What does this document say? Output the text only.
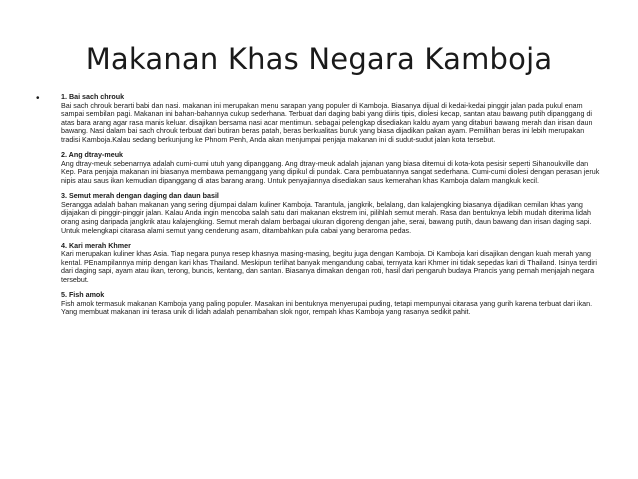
Makanan Khas Negara Kamboja
•	1. Bai sach chrouk
Bai sach chrouk berarti babi dan nasi. makanan ini merupakan menu sarapan yang populer di Kamboja. Biasanya dijual di kedai-kedai pinggir jalan pada pukul enam sampai sembilan pagi. Makanan ini bahan-bahannya cukup sederhana. Terbuat dari daging babi yang diiris tipis, diolesi kecap, santan atau bawang putih dipanggang di atas bara arang agar rasa manis keluar. disajikan bersama nasi acar mentimun. sebagai pelengkap disediakan kaldu ayam yang ditaburi bawang merah dan irisan daun bawang. Nasi dalam bai sach chrouk terbuat dari butiran beras patah, beras berkualitas buruk yang biasa dijadikan pakan ayam. Pemilihan beras ini lebih merupakan tradisi Kamboja.Kalau sedang berkunjung ke Phnom Penh, Anda akan menjumpai penjaja makanan ini di sudut-sudut jalan kota tersebut.
2. Ang dtray-meuk
Ang dtray-meuk sebenarnya adalah cumi-cumi utuh yang dipanggang. Ang dtray-meuk adalah jajanan yang biasa ditemui di kota-kota pesisir seperti Sihanoukville dan Kep. Para penjaja makanan ini biasanya membawa pemanggang yang dipikul di pundak. Cara pembuatannya sangat sederhana. Cumi-cumi diolesi dengan perasan jeruk nipis atau saus ikan kemudian dipanggang di atas barang arang. Untuk penyajiannya disediakan saus kemerahan khas Kamboja dalam mangkuk kecil.
3. Semut merah dengan daging dan daun basil
Serangga adalah bahan makanan yang sering dijumpai dalam kuliner Kamboja. Tarantula, jangkrik, belalang, dan kalajengking biasanya dijadikan cemilan khas yang dijajakan di pinggir-pinggir jalan. Kalau Anda ingin mencoba salah satu dari makanan ekstrem ini, pilihlah semut merah. Rasa dan bentuknya lebih mudah diterima lidah orang asing daripada jangkrik atau kalajengking. Semut merah dalam berbagai ukuran digoreng dengan jahe, serai, bawang putih, daun bawang dan irisan daging sapi. Untuk melengkapi citarasa alami semut yang cenderung asam, ditambahkan pula cabai yang beraroma pedas.
4. Kari merah Khmer
Kari merupakan kuliner khas Asia. Tiap negara punya resep khasnya masing-masing, begitu juga dengan Kamboja. Di Kamboja kari disajikan dengan kuah merah yang kental. PEnampilannya mirip dengan kari khas Thailand. Meskipun terlihat banyak mengandung cabai, ternyata kari Khmer ini tidak sepedas kari di Thailand. Isinya terdiri dari daging sapi, ayam atau ikan, terong, buncis, kentang, dan santan. Biasanya dimakan dengan roti, hasil dari pengaruh budaya Prancis yang pernah menjajah negara tersebut.
5. Fish amok
Fish amok termasuk makanan Kamboja yang paling populer. Masakan ini bentuknya menyerupai puding, tetapi mempunyai citarasa yang gurih karena terbuat dari ikan. Yang membuat makanan ini terasa unik di lidah adalah penambahan slok ngor, rempah khas Kamboja yang rasanya sedikit pahit.
